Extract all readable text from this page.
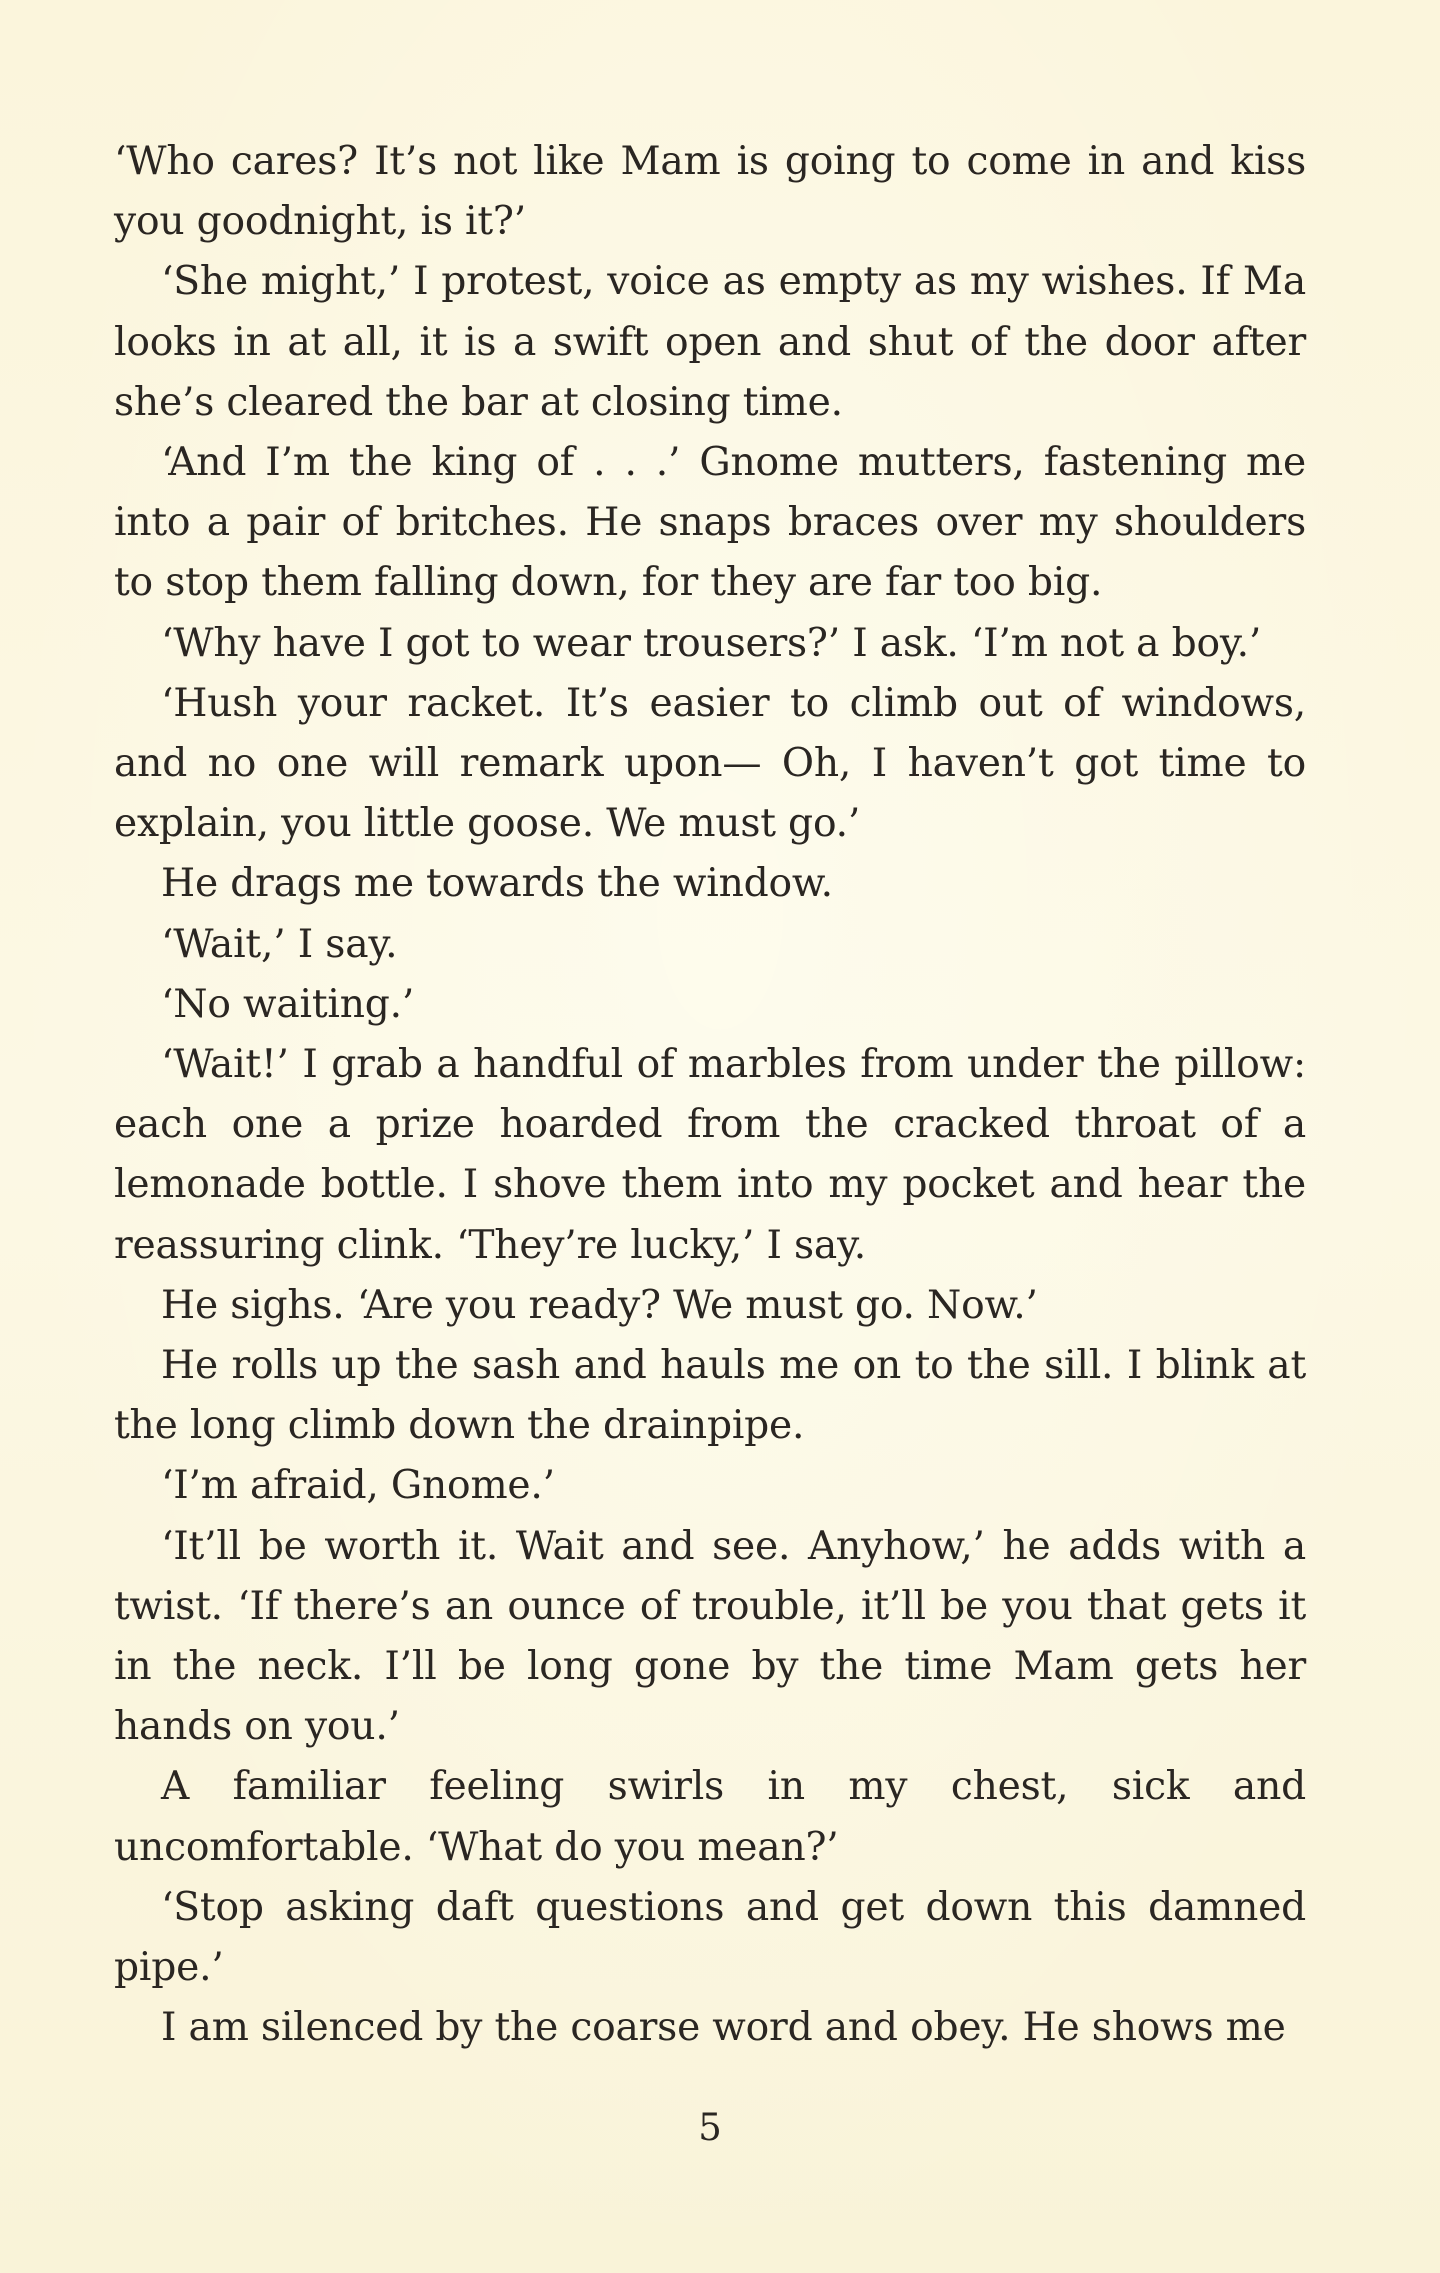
‘Who cares? It’s not like Mam is going to come in and kiss you goodnight, is it?’

‘She might,’ I protest, voice as empty as my wishes. If Ma looks in at all, it is a swift open and shut of the door after she’s cleared the bar at closing time.

‘And I’m the king of . . .’ Gnome mutters, fastening me into a pair of britches. He snaps braces over my shoulders to stop them falling down, for they are far too big.

‘Why have I got to wear trousers?’ I ask. ‘I’m not a boy.’

‘Hush your racket. It’s easier to climb out of windows, and no one will remark upon— Oh, I haven’t got time to explain, you little goose. We must go.’

He drags me towards the window.

‘Wait,’ I say.

‘No waiting.’

‘Wait!’ I grab a handful of marbles from under the pillow: each one a prize hoarded from the cracked throat of a lemonade bottle. I shove them into my pocket and hear the reassuring clink. ‘They’re lucky,’ I say.

He sighs. ‘Are you ready? We must go. Now.’

He rolls up the sash and hauls me on to the sill. I blink at the long climb down the drainpipe.

‘I’m afraid, Gnome.’

‘It’ll be worth it. Wait and see. Anyhow,’ he adds with a twist. ‘If there’s an ounce of trouble, it’ll be you that gets it in the neck. I’ll be long gone by the time Mam gets her hands on you.’

A familiar feeling swirls in my chest, sick and uncomfortable. ‘What do you mean?’

‘Stop asking daft questions and get down this damned pipe.’

I am silenced by the coarse word and obey. He shows me

5
